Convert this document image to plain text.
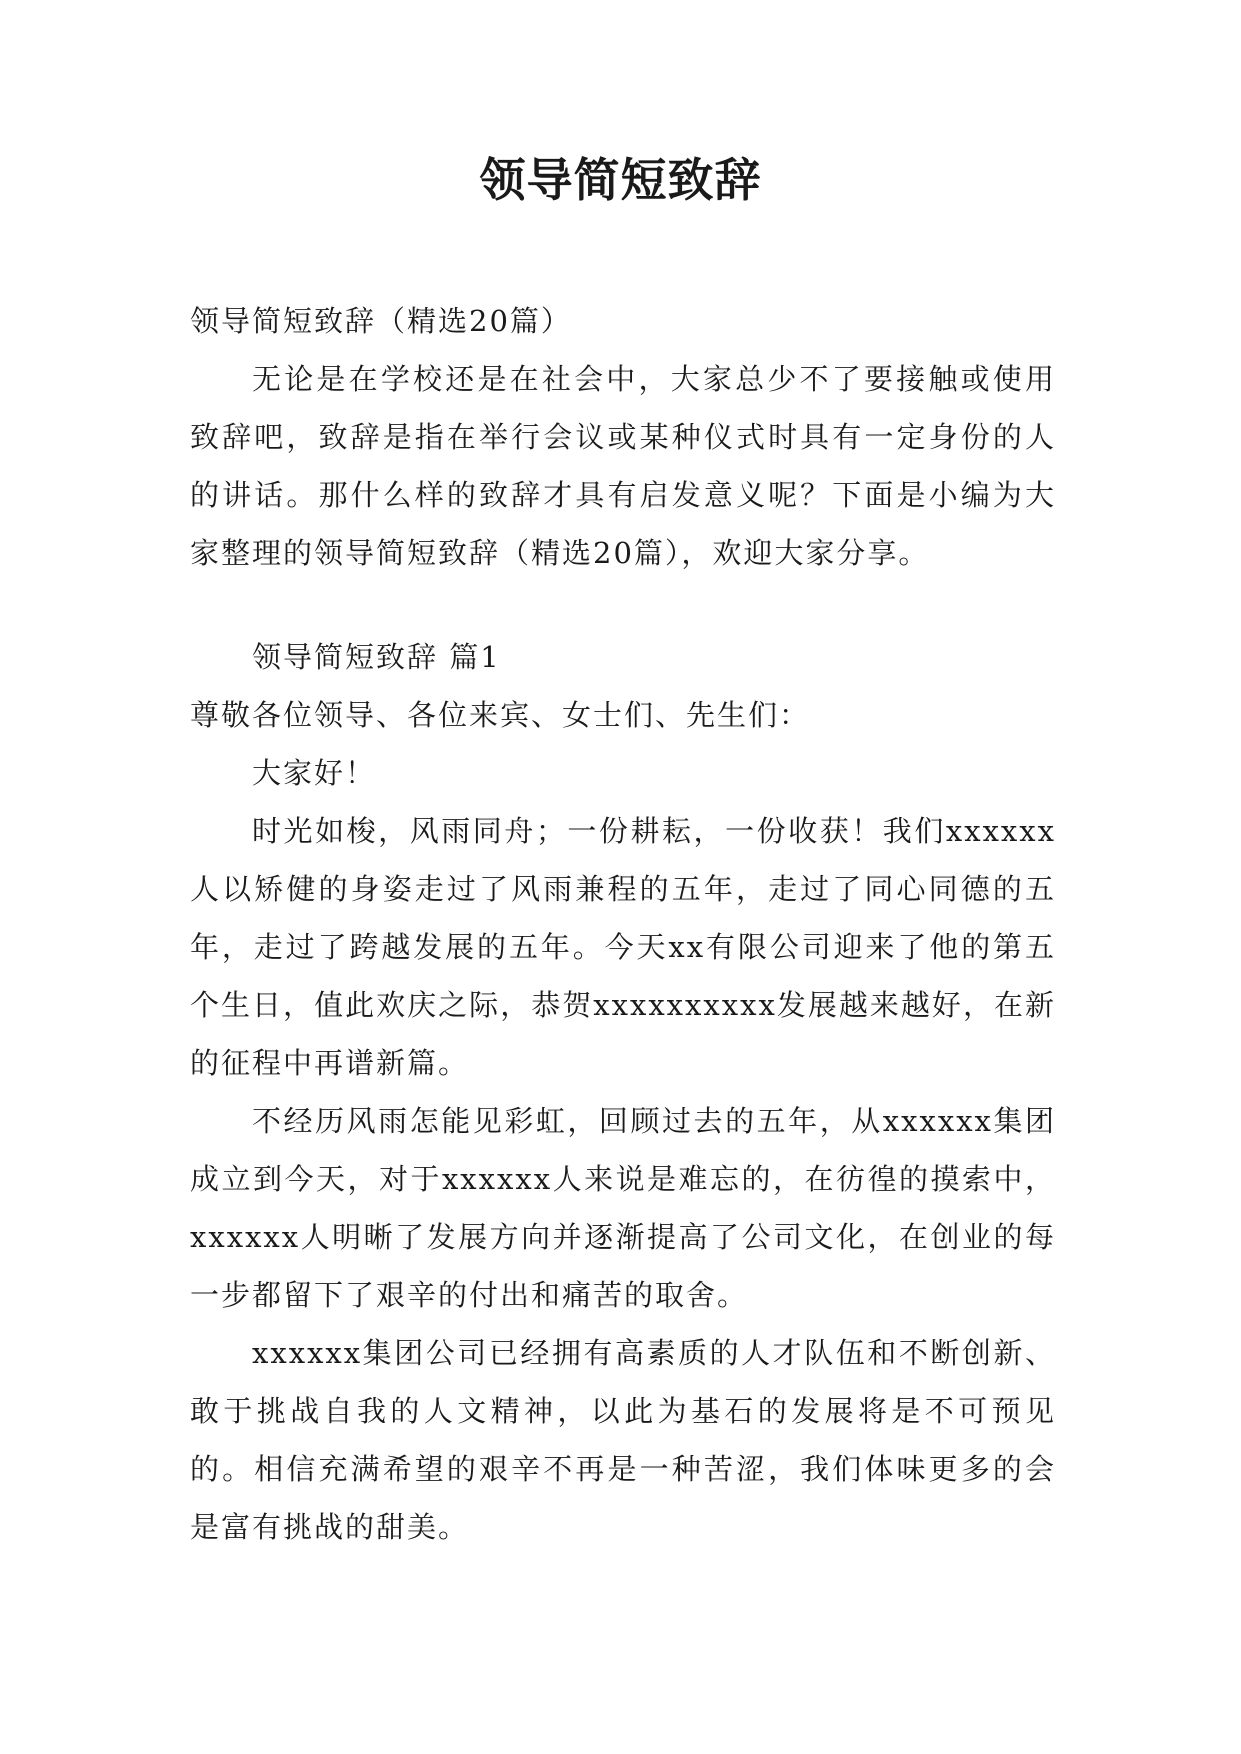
领导简短致辞

领导简短致辞（精选20篇）

无论是在学校还是在社会中，大家总少不了要接触或使用致辞吧，致辞是指在举行会议或某种仪式时具有一定身份的人的讲话。那什么样的致辞才具有启发意义呢？下面是小编为大家整理的领导简短致辞（精选20篇），欢迎大家分享。

领导简短致辞 篇1

尊敬各位领导、各位来宾、女士们、先生们：

大家好！

时光如梭，风雨同舟；一份耕耘，一份收获！我们xxxxxx人以矫健的身姿走过了风雨兼程的五年，走过了同心同德的五年，走过了跨越发展的五年。今天xx有限公司迎来了他的第五个生日，值此欢庆之际，恭贺xxxxxxxxxx发展越来越好，在新的征程中再谱新篇。

不经历风雨怎能见彩虹，回顾过去的五年，从xxxxxx集团成立到今天，对于xxxxxx人来说是难忘的，在彷徨的摸索中，xxxxxx人明晰了发展方向并逐渐提高了公司文化，在创业的每一步都留下了艰辛的付出和痛苦的取舍。

xxxxxx集团公司已经拥有高素质的人才队伍和不断创新、敢于挑战自我的人文精神，以此为基石的发展将是不可预见的。相信充满希望的艰辛不再是一种苦涩，我们体味更多的会是富有挑战的甜美。
